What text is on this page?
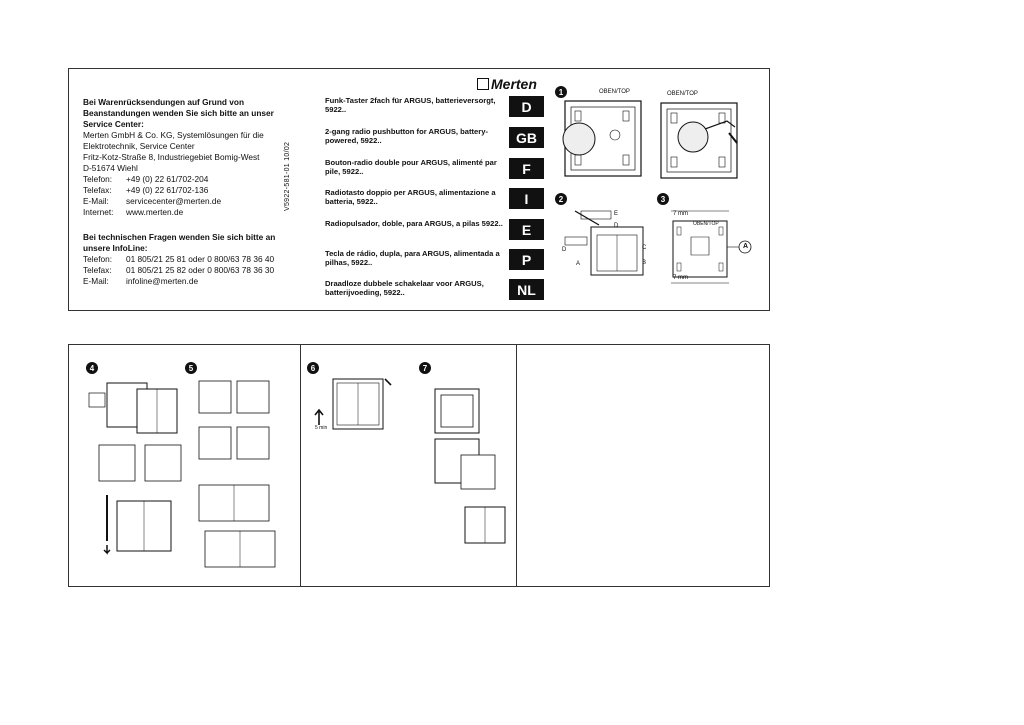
Bei Warenrücksendungen auf Grund von
Beanstandungen wenden Sie sich bitte an unser
Service Center:
Merten GmbH & Co. KG, Systemlösungen für die
Elektrotechnik, Service Center
Fritz-Kotz-Straße 8, Industriegebiet Bomig-West
D-51674 Wiehl
Telefon:	+49 (0) 22 61/702-204
Telefax:	+49 (0) 22 61/702-136
E-Mail:	servicecenter@merten.de
Internet:	www.merten.de
Bei technischen Fragen wenden Sie sich bitte an
unsere InfoLine:
Telefon:	01 805/21 25 81 oder 0 800/63 78 36 40
Telefax:	01 805/21 25 82 oder 0 800/63 78 36 30
E-Mail:	infoline@merten.de
V5922-581-01 10/02
Merten
Funk-Taster 2fach für ARGUS, batterieversorgt, 5922..	D
2-gang radio pushbutton for ARGUS, battery-powered, 5922..	GB
Bouton-radio double pour ARGUS, alimenté par pile, 5922..	F
Radiotasto doppio per ARGUS, alimentazione a batteria, 5922..	I
Radiopulsador, doble, para ARGUS, a pilas 5922..	E
Tecla de rádio, dupla, para ARGUS, alimentada a pilhas, 5922..	P
Draadloze dubbele schakelaar voor ARGUS, batterijvoeding, 5922..	NL
1	OBEN/TOP	OBEN/TOP
2
E
D
D	C
A	B
3
7 mm
7 mm
OBEN/TOP
A
4	5	6
5 min
7
